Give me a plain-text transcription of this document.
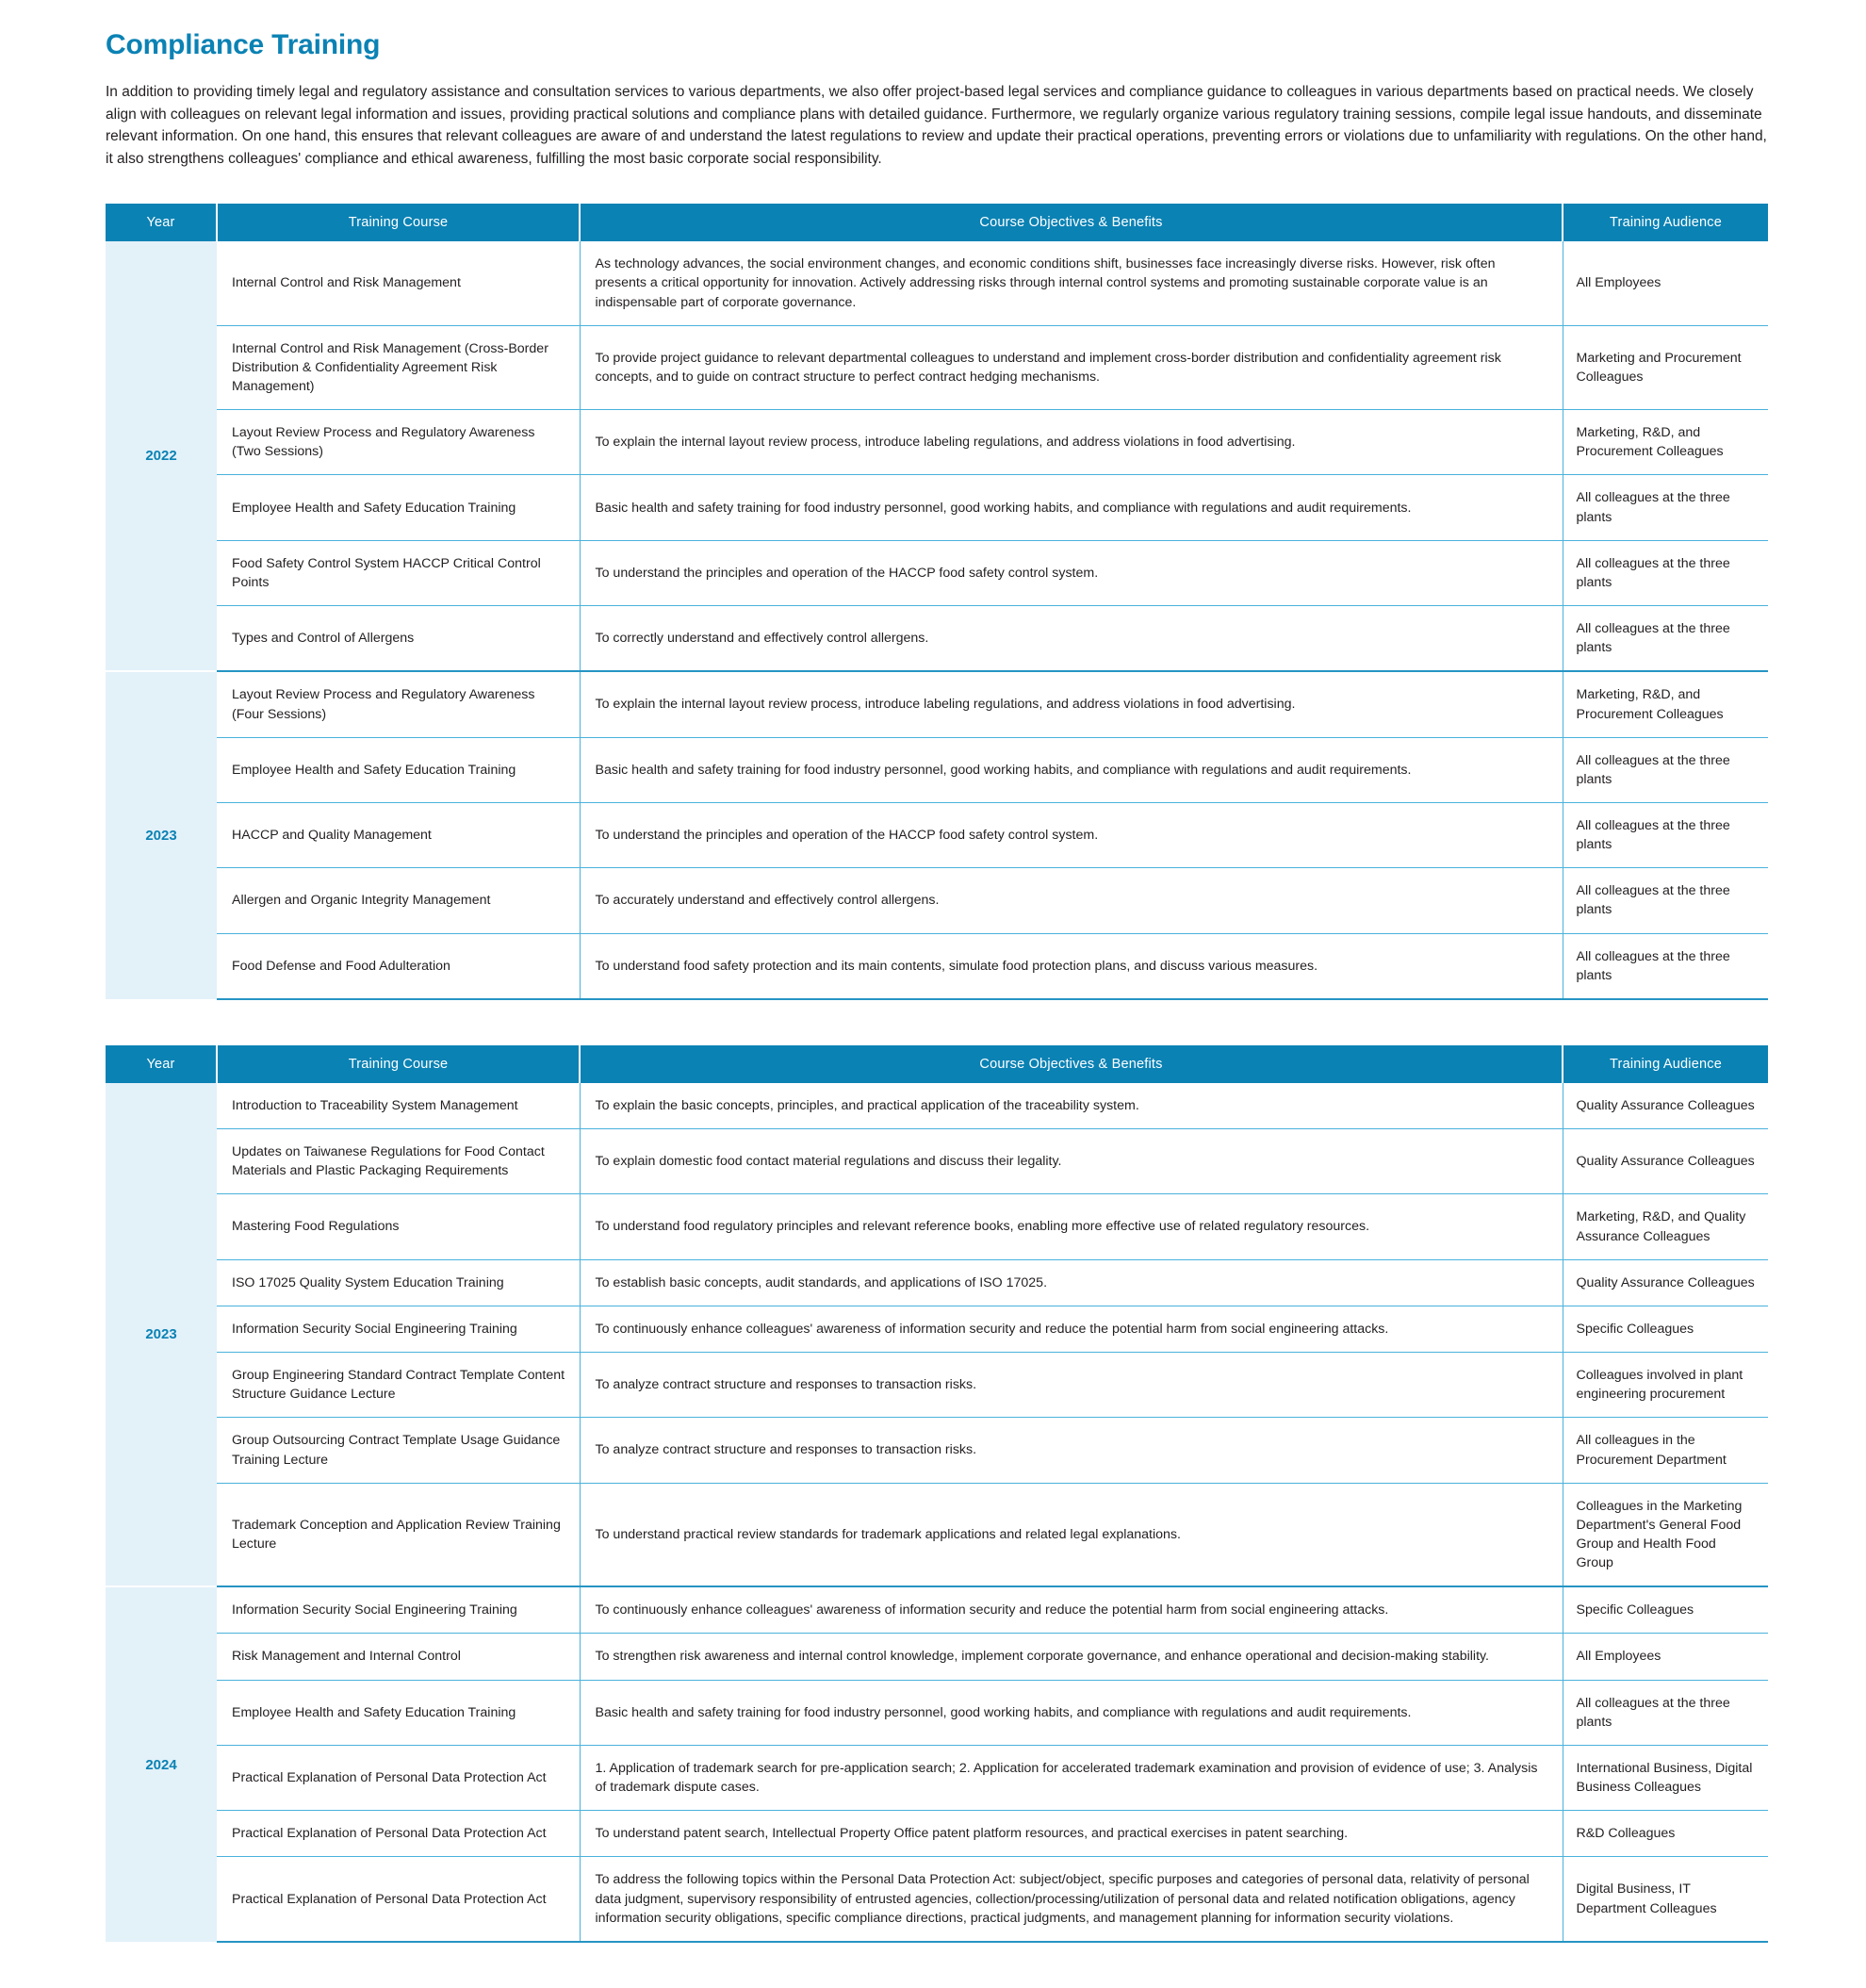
Compliance Training

In addition to providing timely legal and regulatory assistance and consultation services to various departments, we also offer project-based legal services and compliance guidance to colleagues in various departments based on practical needs. We closely align with colleagues on relevant legal information and issues, providing practical solutions and compliance plans with detailed guidance. Furthermore, we regularly organize various regulatory training sessions, compile legal issue handouts, and disseminate relevant information. On one hand, this ensures that relevant colleagues are aware of and understand the latest regulations to review and update their practical operations, preventing errors or violations due to unfamiliarity with regulations. On the other hand, it also strengthens colleagues' compliance and ethical awareness, fulfilling the most basic corporate social responsibility.

Year	Training Course	Course Objectives & Benefits	Training Audience
2022	Internal Control and Risk Management	As technology advances, the social environment changes, and economic conditions shift, businesses face increasingly diverse risks. However, risk often presents a critical opportunity for innovation. Actively addressing risks through internal control systems and promoting sustainable corporate value is an indispensable part of corporate governance.	All Employees
	Internal Control and Risk Management (Cross-Border Distribution & Confidentiality Agreement Risk Management)	To provide project guidance to relevant departmental colleagues to understand and implement cross-border distribution and confidentiality agreement risk concepts, and to guide on contract structure to perfect contract hedging mechanisms.	Marketing and Procurement Colleagues
	Layout Review Process and Regulatory Awareness (Two Sessions)	To explain the internal layout review process, introduce labeling regulations, and address violations in food advertising.	Marketing, R&D, and Procurement Colleagues
	Employee Health and Safety Education Training	Basic health and safety training for food industry personnel, good working habits, and compliance with regulations and audit requirements.	All colleagues at the three plants
	Food Safety Control System HACCP Critical Control Points	To understand the principles and operation of the HACCP food safety control system.	All colleagues at the three plants
	Types and Control of Allergens	To correctly understand and effectively control allergens.	All colleagues at the three plants
2023	Layout Review Process and Regulatory Awareness (Four Sessions)	To explain the internal layout review process, introduce labeling regulations, and address violations in food advertising.	Marketing, R&D, and Procurement Colleagues
	Employee Health and Safety Education Training	Basic health and safety training for food industry personnel, good working habits, and compliance with regulations and audit requirements.	All colleagues at the three plants
	HACCP and Quality Management	To understand the principles and operation of the HACCP food safety control system.	All colleagues at the three plants
	Allergen and Organic Integrity Management	To accurately understand and effectively control allergens.	All colleagues at the three plants
	Food Defense and Food Adulteration	To understand food safety protection and its main contents, simulate food protection plans, and discuss various measures.	All colleagues at the three plants
Year	Training Course	Course Objectives & Benefits	Training Audience
2023	Introduction to Traceability System Management	To explain the basic concepts, principles, and practical application of the traceability system.	Quality Assurance Colleagues
	Updates on Taiwanese Regulations for Food Contact Materials and Plastic Packaging Requirements	To explain domestic food contact material regulations and discuss their legality.	Quality Assurance Colleagues
	Mastering Food Regulations	To understand food regulatory principles and relevant reference books, enabling more effective use of related regulatory resources.	Marketing, R&D, and Quality Assurance Colleagues
	ISO 17025 Quality System Education Training	To establish basic concepts, audit standards, and applications of ISO 17025.	Quality Assurance Colleagues
	Information Security Social Engineering Training	To continuously enhance colleagues' awareness of information security and reduce the potential harm from social engineering attacks.	Specific Colleagues
	Group Engineering Standard Contract Template Content Structure Guidance Lecture	To analyze contract structure and responses to transaction risks.	Colleagues involved in plant engineering procurement
	Group Outsourcing Contract Template Usage Guidance Training Lecture	To analyze contract structure and responses to transaction risks.	All colleagues in the Procurement Department
	Trademark Conception and Application Review Training Lecture	To understand practical review standards for trademark applications and related legal explanations.	Colleagues in the Marketing Department's General Food Group and Health Food Group
2024	Information Security Social Engineering Training	To continuously enhance colleagues' awareness of information security and reduce the potential harm from social engineering attacks.	Specific Colleagues
	Risk Management and Internal Control	To strengthen risk awareness and internal control knowledge, implement corporate governance, and enhance operational and decision-making stability.	All Employees
	Employee Health and Safety Education Training	Basic health and safety training for food industry personnel, good working habits, and compliance with regulations and audit requirements.	All colleagues at the three plants
	Practical Explanation of Personal Data Protection Act	1. Application of trademark search for pre-application search; 2. Application for accelerated trademark examination and provision of evidence of use; 3. Analysis of trademark dispute cases.	International Business, Digital Business Colleagues
	Practical Explanation of Personal Data Protection Act	To understand patent search, Intellectual Property Office patent platform resources, and practical exercises in patent searching.	R&D Colleagues
	Practical Explanation of Personal Data Protection Act	To address the following topics within the Personal Data Protection Act: subject/object, specific purposes and categories of personal data, relativity of personal data judgment, supervisory responsibility of entrusted agencies, collection/processing/utilization of personal data and related notification obligations, agency information security obligations, specific compliance directions, practical judgments, and management planning for information security violations.	Digital Business, IT Department Colleagues
